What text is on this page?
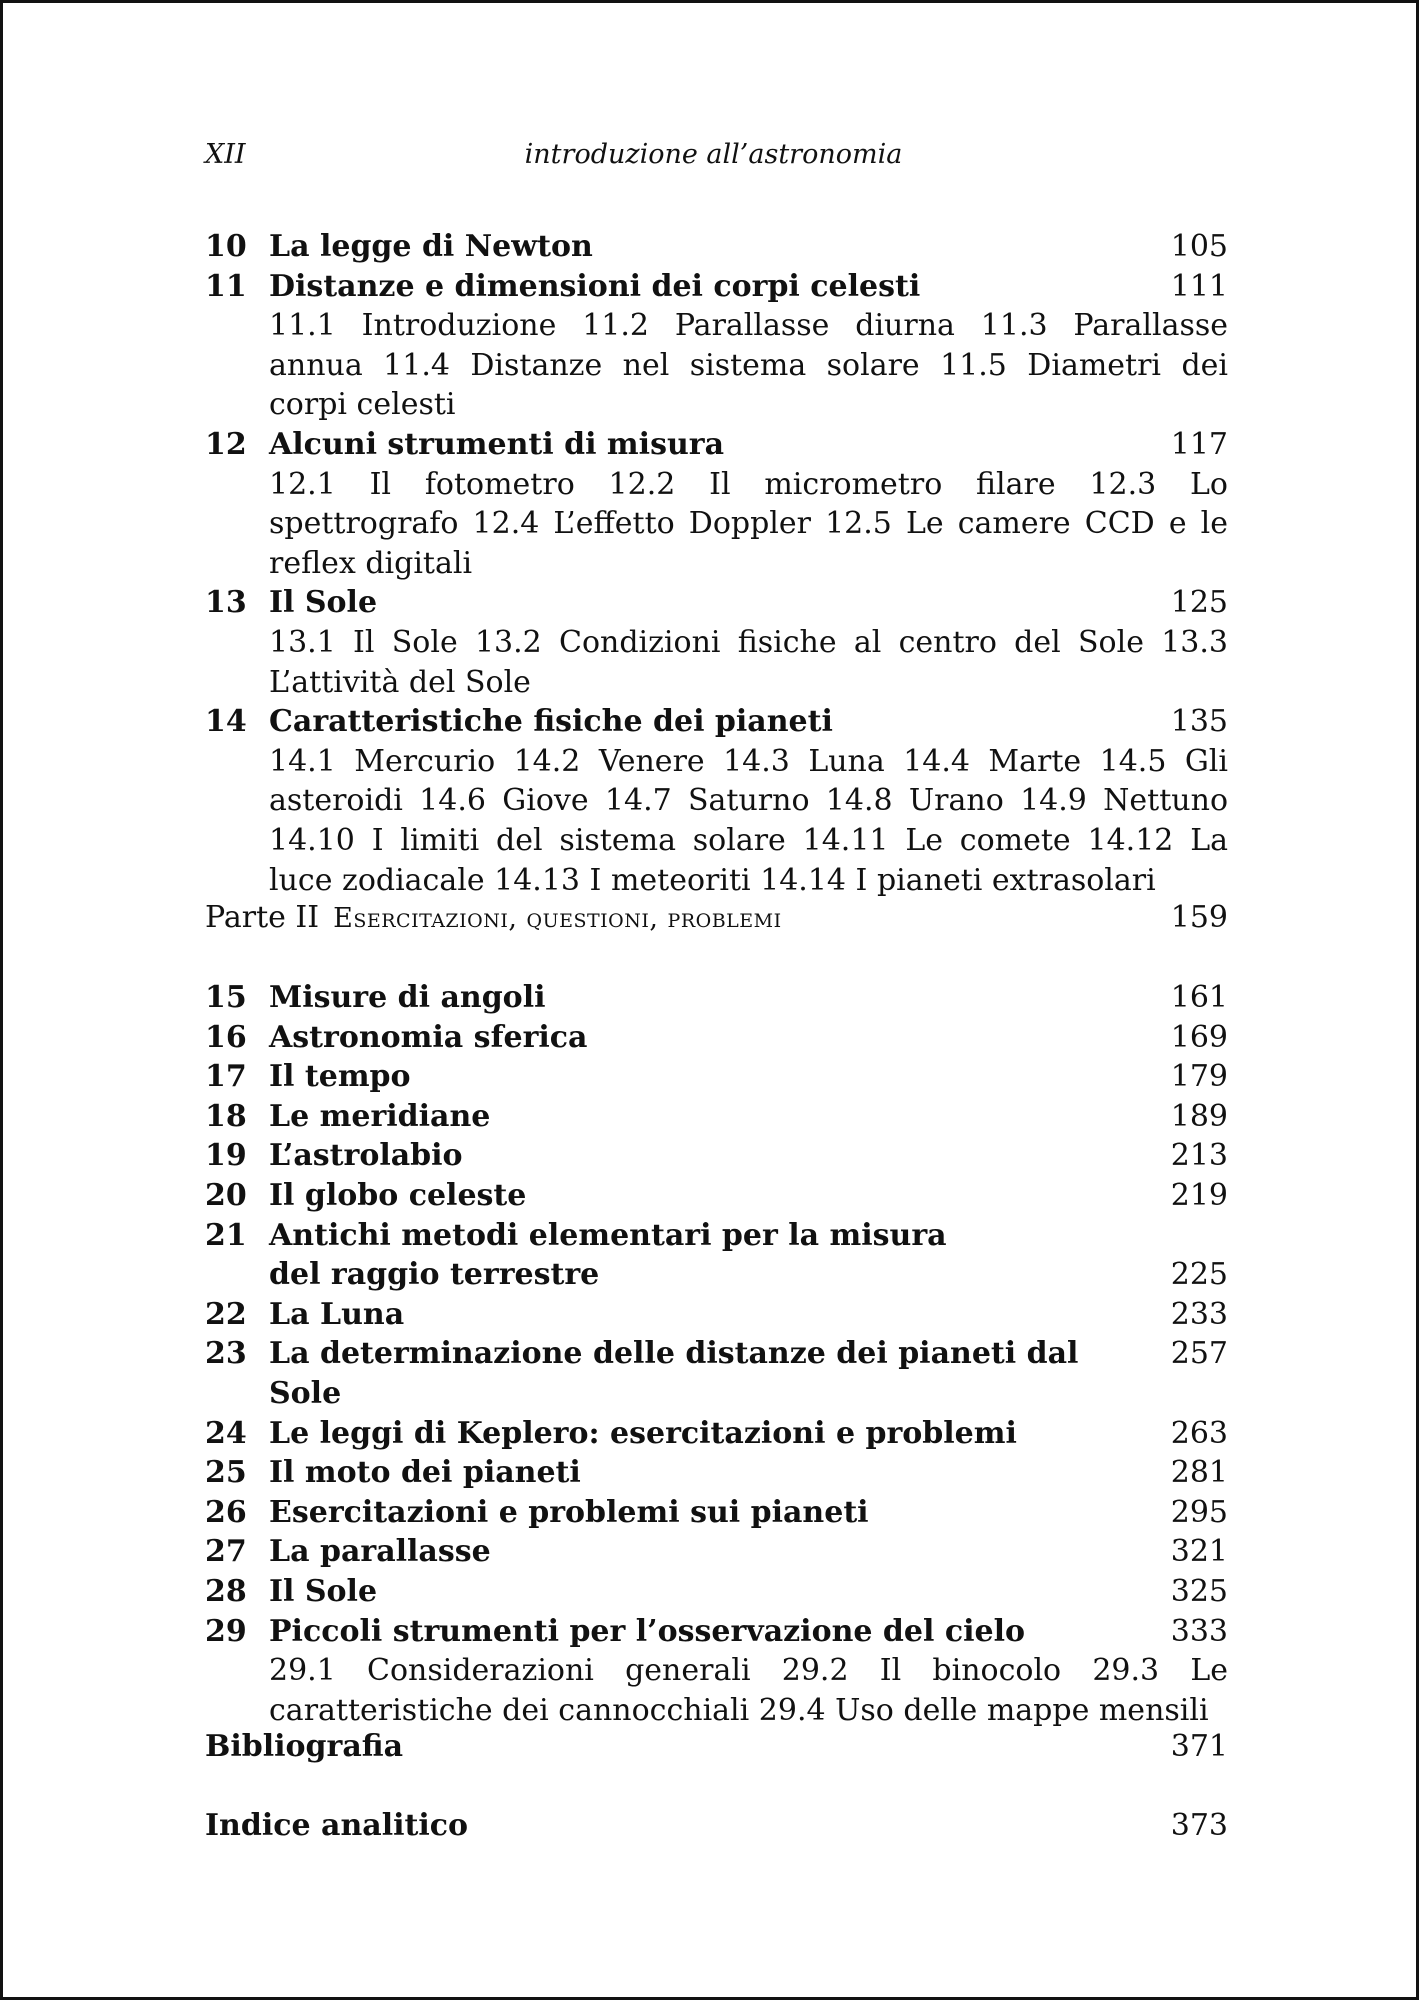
XII	introduzione all’astronomia
10 La legge di Newton	105
11 Distanze e dimensioni dei corpi celesti	111
11.1 Introduzione 11.2 Parallasse diurna 11.3 Parallasse annua 11.4 Distanze nel sistema solare 11.5 Diametri dei corpi celesti
12 Alcuni strumenti di misura	117
12.1 Il fotometro 12.2 Il micrometro filare 12.3 Lo spettrografo 12.4 L’effetto Doppler 12.5 Le camere CCD e le reflex digitali
13 Il Sole	125
13.1 Il Sole 13.2 Condizioni fisiche al centro del Sole 13.3 L’attività del Sole
14 Caratteristiche fisiche dei pianeti	135
14.1 Mercurio 14.2 Venere 14.3 Luna 14.4 Marte 14.5 Gli asteroidi 14.6 Giove 14.7 Saturno 14.8 Urano 14.9 Nettuno 14.10 I limiti del sistema solare 14.11 Le comete 14.12 La luce zodiacale 14.13 I meteoriti 14.14 I pianeti extrasolari
Parte II Esercitazioni, questioni, problemi	159
15 Misure di angoli	161
16 Astronomia sferica	169
17 Il tempo	179
18 Le meridiane	189
19 L’astrolabio	213
20 Il globo celeste	219
21 Antichi metodi elementari per la misura
del raggio terrestre	225
22 La Luna	233
23 La determinazione delle distanze dei pianeti dal Sole
257
24 Le leggi di Keplero: esercitazioni e problemi	263
25 Il moto dei pianeti	281
26 Esercitazioni e problemi sui pianeti	295
27 La parallasse	321
28 Il Sole	325
29 Piccoli strumenti per l’osservazione del cielo	333
29.1 Considerazioni generali 29.2 Il binocolo 29.3 Le caratteristiche dei cannocchiali 29.4 Uso delle mappe mensili
Bibliografia	371
Indice analitico	373
